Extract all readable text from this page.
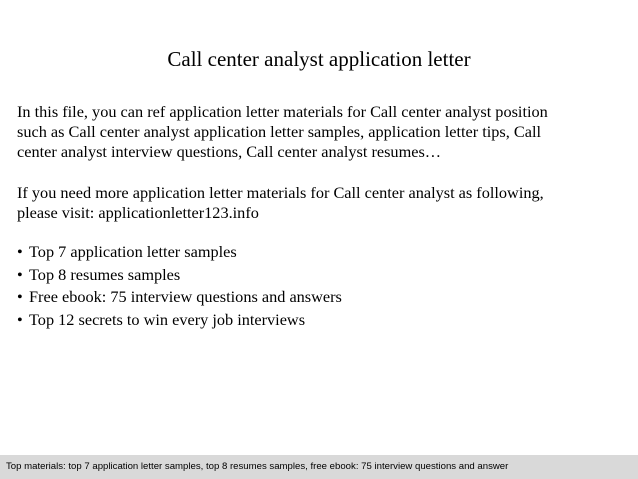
Call center analyst application letter

In this file, you can ref application letter materials for Call center analyst position
such as Call center analyst application letter samples, application letter tips, Call
center analyst interview questions, Call center analyst resumes…

If you need more application letter materials for Call center analyst as following,
please visit: applicationletter123.info

• Top 7 application letter samples
• Top 8 resumes samples
• Free ebook: 75 interview questions and answers
• Top 12 secrets to win every job interviews
Top materials: top 7 application letter samples, top 8 resumes samples, free ebook: 75 interview questions and answer
